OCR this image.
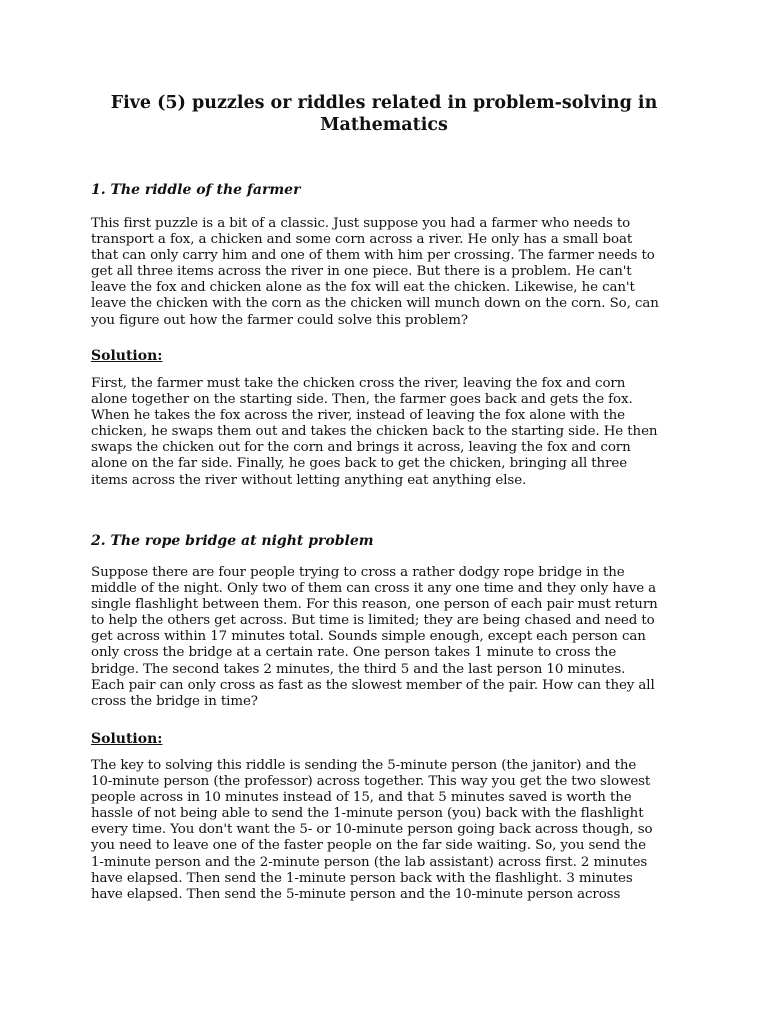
Five (5) puzzles or riddles related in problem-solving in
Mathematics
1. The riddle of the farmer

This first puzzle is a bit of a classic. Just suppose you had a farmer who needs to
transport a fox, a chicken and some corn across a river. He only has a small boat
that can only carry him and one of them with him per crossing. The farmer needs to
get all three items across the river in one piece. But there is a problem. He can't
leave the fox and chicken alone as the fox will eat the chicken. Likewise, he can't
leave the chicken with the corn as the chicken will munch down on the corn. So, can
you figure out how the farmer could solve this problem?

Solution:

First, the farmer must take the chicken cross the river, leaving the fox and corn
alone together on the starting side. Then, the farmer goes back and gets the fox.
When he takes the fox across the river, instead of leaving the fox alone with the
chicken, he swaps them out and takes the chicken back to the starting side. He then
swaps the chicken out for the corn and brings it across, leaving the fox and corn
alone on the far side. Finally, he goes back to get the chicken, bringing all three
items across the river without letting anything eat anything else.

2. The rope bridge at night problem

Suppose there are four people trying to cross a rather dodgy rope bridge in the
middle of the night. Only two of them can cross it any one time and they only have a
single flashlight between them. For this reason, one person of each pair must return
to help the others get across. But time is limited; they are being chased and need to
get across within 17 minutes total. Sounds simple enough, except each person can
only cross the bridge at a certain rate. One person takes 1 minute to cross the
bridge. The second takes 2 minutes, the third 5 and the last person 10 minutes.
Each pair can only cross as fast as the slowest member of the pair. How can they all
cross the bridge in time?

Solution:

The key to solving this riddle is sending the 5-minute person (the janitor) and the
10-minute person (the professor) across together. This way you get the two slowest
people across in 10 minutes instead of 15, and that 5 minutes saved is worth the
hassle of not being able to send the 1-minute person (you) back with the flashlight
every time. You don't want the 5- or 10-minute person going back across though, so
you need to leave one of the faster people on the far side waiting. So, you send the
1-minute person and the 2-minute person (the lab assistant) across first. 2 minutes
have elapsed. Then send the 1-minute person back with the flashlight. 3 minutes
have elapsed. Then send the 5-minute person and the 10-minute person across
